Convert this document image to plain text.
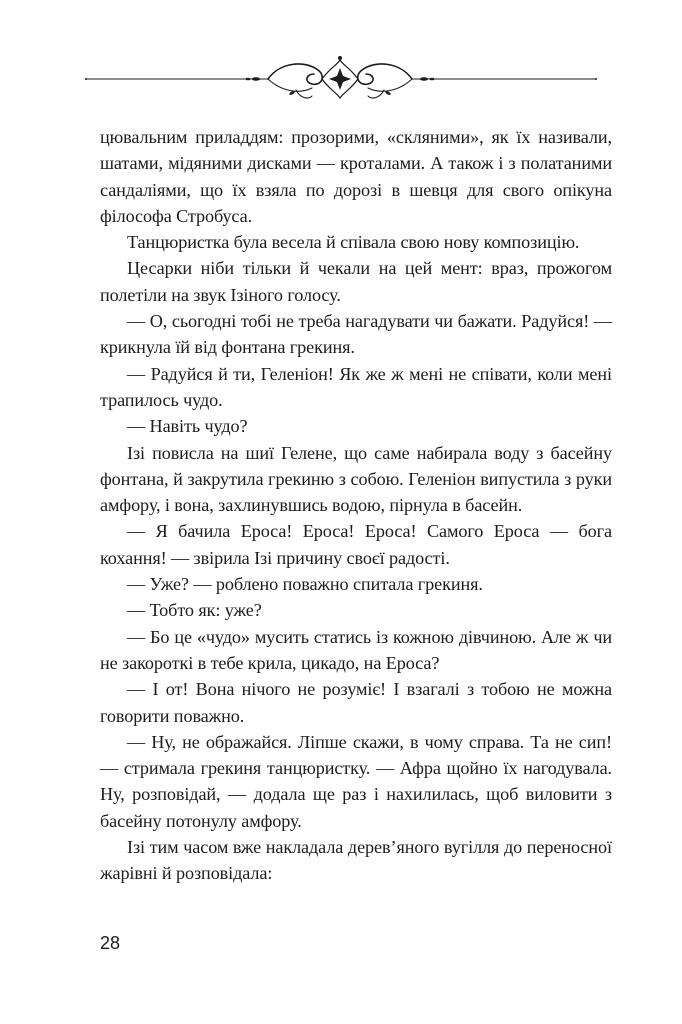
цювальним приладдям: прозорими, «скляними», як їх називали, шатами, мідяними дисками — кроталами. А також і з полатаними сандаліями, що їх взяла по дорозі в шевця для свого опікуна філософа Стробуса.

Танцюристка була весела й співала свою нову композицію.

Цесарки ніби тільки й чекали на цей мент: враз, прожогом полетіли на звук Ізіного голосу.

— О, сьогодні тобі не треба нагадувати чи бажати. Радуйся! — крикнула їй від фонтана грекиня.

— Радуйся й ти, Геленіон! Як же ж мені не співати, коли мені трапилось чудо.

— Навіть чудо?

Ізі повисла на шиї Гелене, що саме набирала воду з басейну фонтана, й закрутила грекиню з собою. Геленіон випустила з руки амфору, і вона, захлинувшись водою, пірнула в басейн.

— Я бачила Ероса! Ероса! Ероса! Самого Ероса — бога кохання! — звірила Ізі причину своєї радості.

— Уже? — роблено поважно спитала грекиня.

— Тобто як: уже?

— Бо це «чудо» мусить статись із кожною дівчиною. Але ж чи не закороткі в тебе крила, цикадо, на Ероса?

— І от! Вона нічого не розуміє! І взагалі з тобою не можна говорити поважно.

— Ну, не ображайся. Ліпше скажи, в чому справа. Та не сип! — стримала грекиня танцюристку. — Афра щойно їх нагодувала. Ну, розповідай, — додала ще раз і нахилилась, щоб виловити з басейну потонулу амфору.

Ізі тим часом вже накладала дерев’яного вугілля до переносної жарівні й розповідала:

28
